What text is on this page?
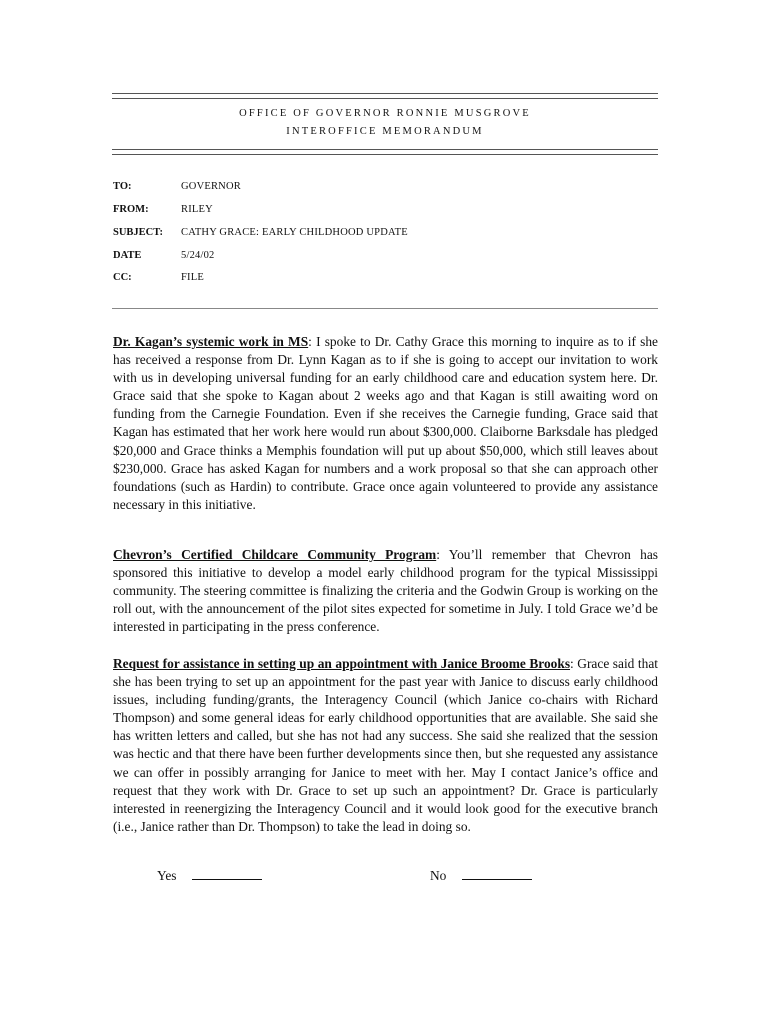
OFFICE OF GOVERNOR RONNIE MUSGROVE
INTEROFFICE MEMORANDUM
TO:	GOVERNOR
FROM:	RILEY
SUBJECT: CATHY GRACE: EARLY CHILDHOOD UPDATE
DATE	5/24/02
CC:	FILE

Dr. Kagan’s systemic work in MS: I spoke to Dr. Cathy Grace this morning to inquire as to if she has received a response from Dr. Lynn Kagan as to if she is going to accept our invitation to work with us in developing universal funding for an early childhood care and education system here. Dr. Grace said that she spoke to Kagan about 2 weeks ago and that Kagan is still awaiting word on funding from the Carnegie Foundation. Even if she receives the Carnegie funding, Grace said that Kagan has estimated that her work here would run about $300,000. Claiborne Barksdale has pledged $20,000 and Grace thinks a Memphis foundation will put up about $50,000, which still leaves about $230,000. Grace has asked Kagan for numbers and a work proposal so that she can approach other foundations (such as Hardin) to contribute. Grace once again volunteered to provide any assistance necessary in this initiative.

Chevron’s Certified Childcare Community Program: You’ll remember that Chevron has sponsored this initiative to develop a model early childhood program for the typical Mississippi community. The steering committee is finalizing the criteria and the Godwin Group is working on the roll out, with the announcement of the pilot sites expected for sometime in July. I told Grace we’d be interested in participating in the press conference.

Request for assistance in setting up an appointment with Janice Broome Brooks: Grace said that she has been trying to set up an appointment for the past year with Janice to discuss early childhood issues, including funding/grants, the Interagency Council (which Janice co-chairs with Richard Thompson) and some general ideas for early childhood opportunities that are available. She said she has written letters and called, but she has not had any success. She said she realized that the session was hectic and that there have been further developments since then, but she requested any assistance we can offer in possibly arranging for Janice to meet with her. May I contact Janice’s office and request that they work with Dr. Grace to set up such an appointment? Dr. Grace is particularly interested in reenergizing the Interagency Council and it would look good for the executive branch (i.e., Janice rather than Dr. Thompson) to take the lead in doing so.

Yes	No
